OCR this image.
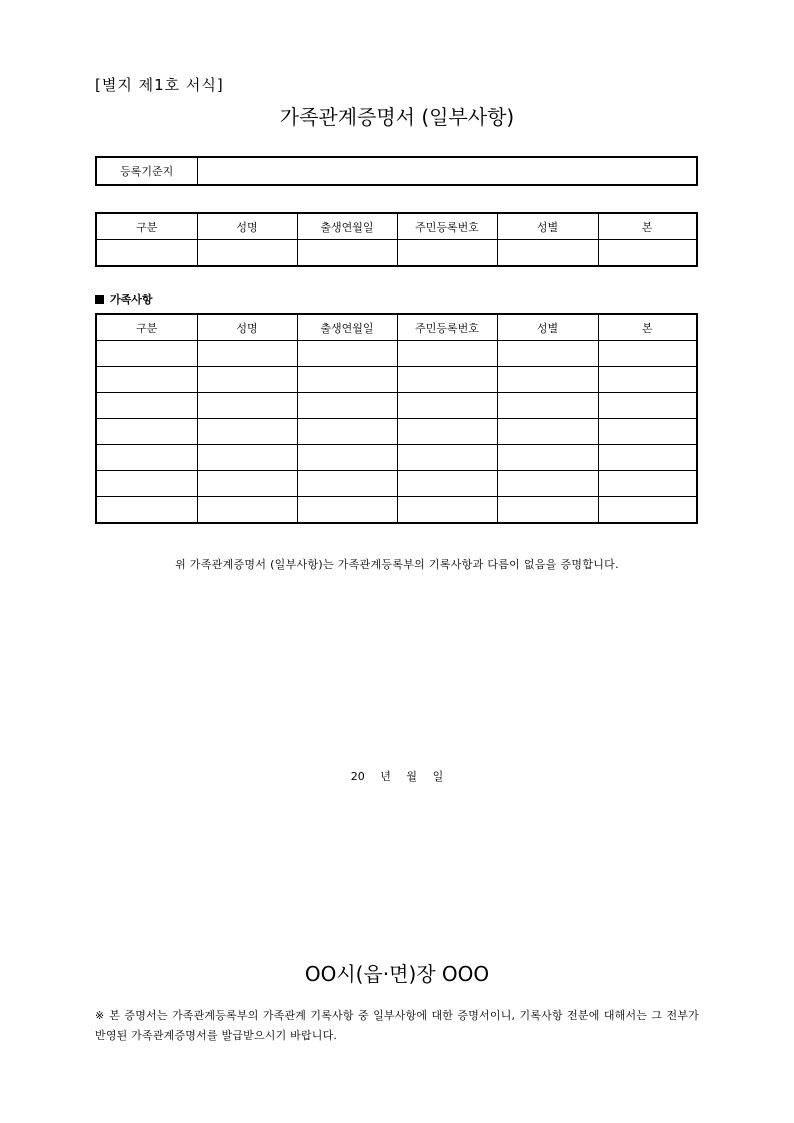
[별지 제1호 서식]
가족관계증명서 (일부사항)
등록기준지	
구분	성명	출생연월일	주민등록번호	성별	본

가족사항
구분	성명	출생연월일	주민등록번호	성별	본

위 가족관계증명서 (일부사항)는 가족관계등록부의 기록사항과 다름이 없음을 증명합니다.
20 년 월 일
OO시(읍·면)장 OOO
※ 본 증명서는 가족관계등록부의 가족관계 기록사항 중 일부사항에 대한 증명서이니, 기록사항 전분에 대해서는 그 전부가 반영된 가족관계증명서를 발급받으시기 바랍니다.
